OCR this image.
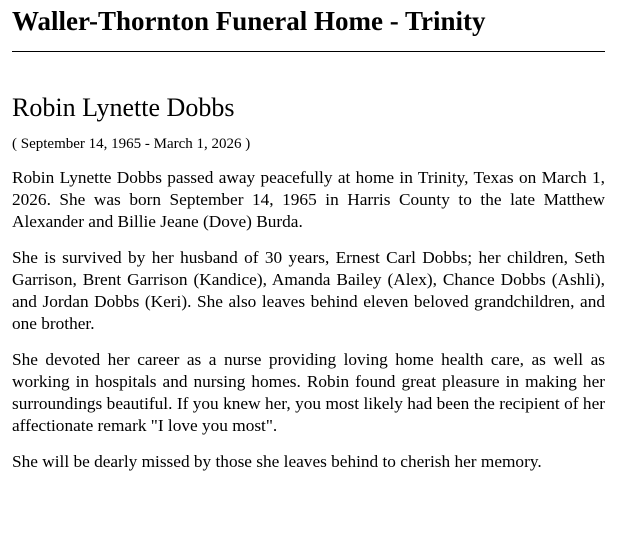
Waller-Thornton Funeral Home - Trinity
Robin Lynette Dobbs

( September 14, 1965 - March 1, 2026 )

Robin Lynette Dobbs passed away peacefully at home in Trinity, Texas on March 1, 2026. She was born September 14, 1965 in Harris County to the late Matthew Alexander and Billie Jeane (Dove) Burda.

She is survived by her husband of 30 years, Ernest Carl Dobbs; her children, Seth Garrison, Brent Garrison (Kandice), Amanda Bailey (Alex), Chance Dobbs (Ashli), and Jordan Dobbs (Keri). She also leaves behind eleven beloved grandchildren, and one brother.

She devoted her career as a nurse providing loving home health care, as well as working in hospitals and nursing homes. Robin found great pleasure in making her surroundings beautiful. If you knew her, you most likely had been the recipient of her affectionate remark "I love you most".

She will be dearly missed by those she leaves behind to cherish her memory.
